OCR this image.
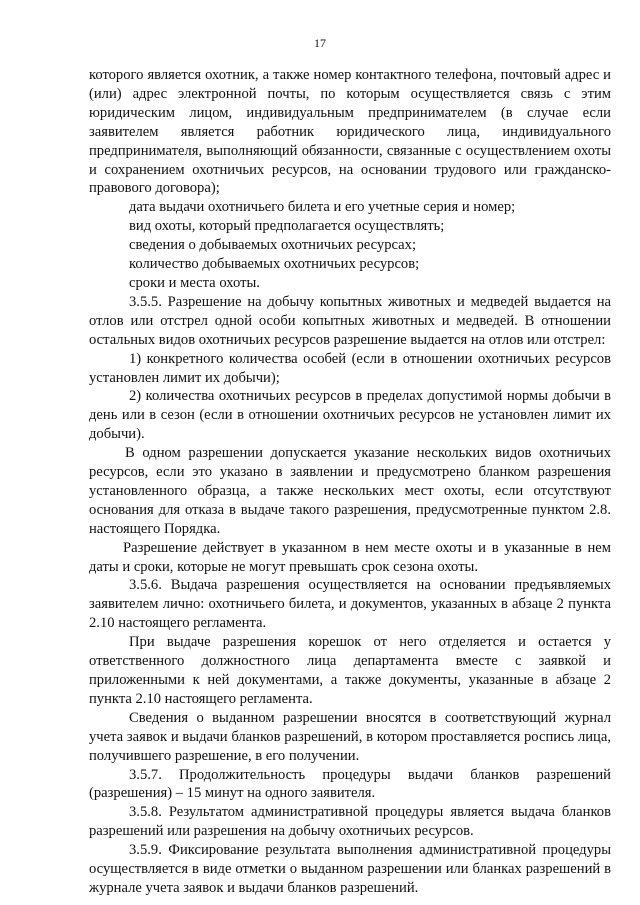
17

которого является охотник, а также номер контактного телефона, почтовый адрес и (или) адрес электронной почты, по которым осуществляется связь с этим юридическим лицом, индивидуальным предпринимателем (в случае если заявителем является работник юридического лица, индивидуального предпринимателя, выполняющий обязанности, связанные с осуществлением охоты и сохранением охотничьих ресурсов, на основании трудового или гражданско-правового договора);

дата выдачи охотничьего билета и его учетные серия и номер;

вид охоты, который предполагается осуществлять;

сведения о добываемых охотничьих ресурсах;

количество добываемых охотничьих ресурсов;

сроки и места охоты.

3.5.5. Разрешение на добычу копытных животных и медведей выдается на отлов или отстрел одной особи копытных животных и медведей. В отношении остальных видов охотничьих ресурсов разрешение выдается на отлов или отстрел:

1) конкретного количества особей (если в отношении охотничьих ресурсов установлен лимит их добычи);

2) количества охотничьих ресурсов в пределах допустимой нормы добычи в день или в сезон (если в отношении охотничьих ресурсов не установлен лимит их добычи).

В одном разрешении допускается указание нескольких видов охотничьих ресурсов, если это указано в заявлении и предусмотрено бланком разрешения установленного образца, а также нескольких мест охоты, если отсутствуют основания для отказа в выдаче такого разрешения, предусмотренные пунктом 2.8. настоящего Порядка.

Разрешение действует в указанном в нем месте охоты и в указанные в нем даты и сроки, которые не могут превышать срок сезона охоты.

3.5.6. Выдача разрешения осуществляется на основании предъявляемых заявителем лично: охотничьего билета, и документов, указанных в абзаце 2 пункта 2.10 настоящего регламента.

При выдаче разрешения корешок от него отделяется и остается у ответственного должностного лица департамента вместе с заявкой и приложенными к ней документами, а также документы, указанные в абзаце 2 пункта 2.10 настоящего регламента.

Сведения о выданном разрешении вносятся в соответствующий журнал учета заявок и выдачи бланков разрешений, в котором проставляется роспись лица, получившего разрешение, в его получении.

3.5.7. Продолжительность процедуры выдачи бланков разрешений (разрешения) – 15 минут на одного заявителя.

3.5.8. Результатом административной процедуры является выдача бланков разрешений или разрешения на добычу охотничьих ресурсов.

3.5.9. Фиксирование результата выполнения административной процедуры осуществляется в виде отметки о выданном разрешении или бланках разрешений в журнале учета заявок и выдачи бланков разрешений.
